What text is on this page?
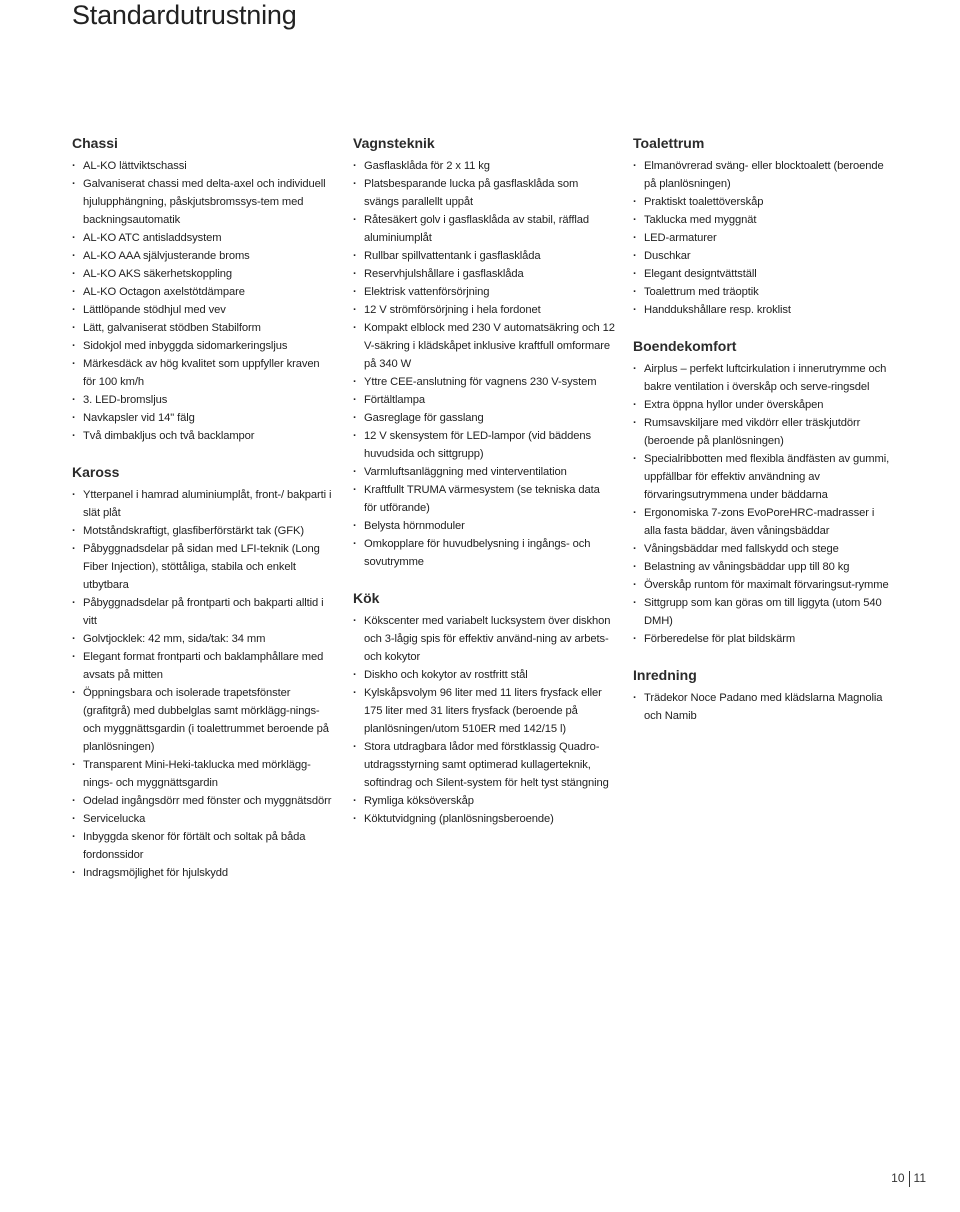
Standardutrustning
Chassi
· AL-KO lättviktschassi
· Galvaniserat chassi med delta-axel och individuell hjulupphängning, påskjutsbromssys-tem med backningsautomatik
· AL-KO ATC antisladdsystem
· AL-KO AAA självjusterande broms
· AL-KO AKS säkerhetskoppling
· AL-KO Octagon axelstötdämpare
· Lättlöpande stödhjul med vev
· Lätt, galvaniserat stödben Stabilform
· Sidokjol med inbyggda sidomarkeringsljus
· Märkesdäck av hög kvalitet som uppfyller kraven för 100 km/h
· 3. LED-bromsljus
· Navkapsler vid 14" fälg
· Två dimbakljus och två backlampor
Kaross
· Ytterpanel i hamrad aluminiumplåt, front-/ bakparti i slät plåt
· Motståndskraftigt, glasfiberförstärkt tak (GFK)
· Påbyggnadsdelar på sidan med LFI-teknik (Long Fiber Injection), stöttåliga, stabila och enkelt utbytbara
· Påbyggnadsdelar på frontparti och bakparti alltid i vitt
· Golvtjocklek: 42 mm, sida/tak: 34 mm
· Elegant format frontparti och baklamphållare med avsats på mitten
· Öppningsbara och isolerade trapetsfönster (grafitgrå) med dubbelglas samt mörklägg-nings- och myggnättsgardin (i toalettrummet beroende på planlösningen)
· Transparent Mini-Heki-taklucka med mörklägg-nings- och myggnättsgardin
· Odelad ingångsdörr med fönster och myggnätsdörr
· Servicelucka
· Inbyggda skenor för förtält och soltak på båda fordonssidor
· Indragsmöjlighet för hjulskydd
Vagnsteknik
· Gasflasklåda för 2 x 11 kg
· Platsbesparande lucka på gasflasklåda som svängs parallellt uppåt
· Råtesäkert golv i gasflasklåda av stabil, räfflad aluminiumplåt
· Rullbar spillvattentank i gasflasklåda
· Reservhjulshållare i gasflasklåda
· Elektrisk vattenförsörjning
· 12 V strömförsörjning i hela fordonet
· Kompakt elblock med 230 V automatsäkring och 12 V-säkring i klädskåpet inklusive kraftfull omformare på 340 W
· Yttre CEE-anslutning för vagnens 230 V-system
· Förtältlampa
· Gasreglage för gasslang
· 12 V skensystem för LED-lampor (vid bäddens huvudsida och sittgrupp)
· Varmluftsanläggning med vinterventilation
· Kraftfullt TRUMA värmesystem (se tekniska data för utförande)
· Belysta hörnmoduler
· Omkopplare för huvudbelysning i ingångs- och sovutrymme
Kök
· Kökscenter med variabelt lucksystem över diskhon och 3-lågig spis för effektiv använd-ning av arbets- och kokytor
· Diskho och kokytor av rostfritt stål
· Kylskåpsvolym 96 liter med 11 liters frysfack eller 175 liter med 31 liters frysfack (beroende på planlösningen/utom 510ER med 142/15 l)
· Stora utdragbara lådor med förstklassig Quadro-utdragsstyrning samt optimerad kullagerteknik, softindrag och Silent-system för helt tyst stängning
· Rymliga köksöverskåp
· Köktutvidgning (planlösningsberoende)
Toalettrum
· Elmanövrerad sväng- eller blocktoalett (beroende på planlösningen)
· Praktiskt toalettöverskåp
· Taklucka med myggnät
· LED-armaturer
· Duschkar
· Elegant designtvättställ
· Toalettrum med träoptik
· Handdukshållare resp. kroklist
Boendekomfort
· Airplus – perfekt luftcirkulation i innerutrymme och bakre ventilation i överskåp och serve-ringsdel
· Extra öppna hyllor under överskåpen
· Rumsavskiljare med vikdörr eller träskjutdörr (beroende på planlösningen)
· Specialribbotten med flexibla ändfästen av gummi, uppfällbar för effektiv användning av förvaringsutrymmena under bäddarna
· Ergonomiska 7-zons EvoPoreHRC-madrasser i alla fasta bäddar, även våningsbäddar
· Våningsbäddar med fallskydd och stege
· Belastning av våningsbäddar upp till 80 kg
· Överskåp runtom för maximalt förvaringsut-rymme
· Sittgrupp som kan göras om till liggyta (utom 540 DMH)
· Förberedelse för plat bildskärm
Inredning
· Trädekor Noce Padano med klädslarna Magnolia och Namib
10 11
